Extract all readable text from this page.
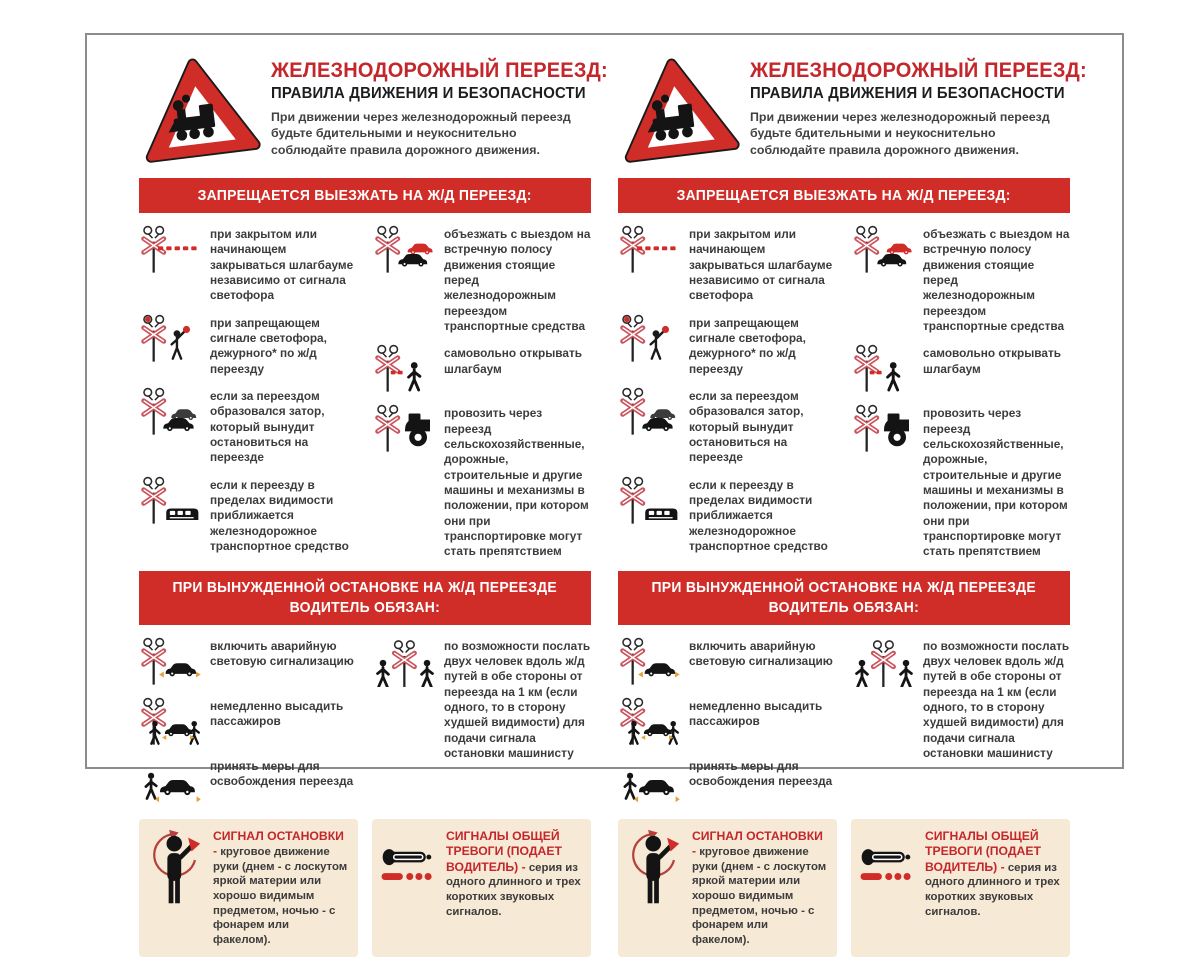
ЖЕЛЕЗНОДОРОЖНЫЙ ПЕРЕЕЗД:
ПРАВИЛА ДВИЖЕНИЯ И БЕЗОПАСНОСТИ

При движении через железнодорожный переезд будьте бдительными и неукоснительно соблюдайте правила дорожного движения.

ЗАПРЕЩАЕТСЯ ВЫЕЗЖАТЬ НА Ж/Д ПЕРЕЕЗД:

при закрытом или начинающем закрываться шлагбауме независимо от сигнала светофора

при запрещающем сигнале светофора, дежурного* по ж/д переезду

если за переездом образовался затор, который вынудит остановиться на переезде

если к переезду в пределах видимости приближается железнодорожное транспортное средство

объезжать с выездом на встречную полосу движения стоящие перед железнодорожным переездом транспортные средства

самовольно открывать шлагбаум

провозить через переезд сельскохозяйственные, дорожные, строительные и другие машины и механизмы в положении, при котором они при транспортировке могут стать препятствием

ПРИ ВЫНУЖДЕННОЙ ОСТАНОВКЕ НА Ж/Д ПЕРЕЕЗДЕ
ВОДИТЕЛЬ ОБЯЗАН:

включить аварийную световую сигнализацию

немедленно высадить пассажиров

принять меры для освобождения переезда

по возможности послать двух человек вдоль ж/д путей в обе стороны от переезда на 1 км (если одного, то в сторону худшей видимости) для подачи сигнала остановки машинисту

СИГНАЛ ОСТАНОВКИ - круговое движение руки (днем - с лоскутом яркой материи или хорошо видимым предметом, ночью - с фонарем или факелом).

СИГНАЛЫ ОБЩЕЙ ТРЕВОГИ (ПОДАЕТ ВОДИТЕЛЬ) - серия из одного длинного и трех коротких звуковых сигналов.

ЖЕЛЕЗНОДОРОЖНЫЙ ПЕРЕЕЗД:
ПРАВИЛА ДВИЖЕНИЯ И БЕЗОПАСНОСТИ

При движении через железнодорожный переезд будьте бдительными и неукоснительно соблюдайте правила дорожного движения.

ЗАПРЕЩАЕТСЯ ВЫЕЗЖАТЬ НА Ж/Д ПЕРЕЕЗД:

при закрытом или начинающем закрываться шлагбауме независимо от сигнала светофора

при запрещающем сигнале светофора, дежурного* по ж/д переезду

если за переездом образовался затор, который вынудит остановиться на переезде

если к переезду в пределах видимости приближается железнодорожное транспортное средство

объезжать с выездом на встречную полосу движения стоящие перед железнодорожным переездом транспортные средства

самовольно открывать шлагбаум

провозить через переезд сельскохозяйственные, дорожные, строительные и другие машины и механизмы в положении, при котором они при транспортировке могут стать препятствием

ПРИ ВЫНУЖДЕННОЙ ОСТАНОВКЕ НА Ж/Д ПЕРЕЕЗДЕ
ВОДИТЕЛЬ ОБЯЗАН:

включить аварийную световую сигнализацию

немедленно высадить пассажиров

принять меры для освобождения переезда

по возможности послать двух человек вдоль ж/д путей в обе стороны от переезда на 1 км (если одного, то в сторону худшей видимости) для подачи сигнала остановки машинисту

СИГНАЛ ОСТАНОВКИ - круговое движение руки (днем - с лоскутом яркой материи или хорошо видимым предметом, ночью - с фонарем или факелом).

СИГНАЛЫ ОБЩЕЙ ТРЕВОГИ (ПОДАЕТ ВОДИТЕЛЬ) - серия из одного длинного и трех коротких звуковых сигналов.
